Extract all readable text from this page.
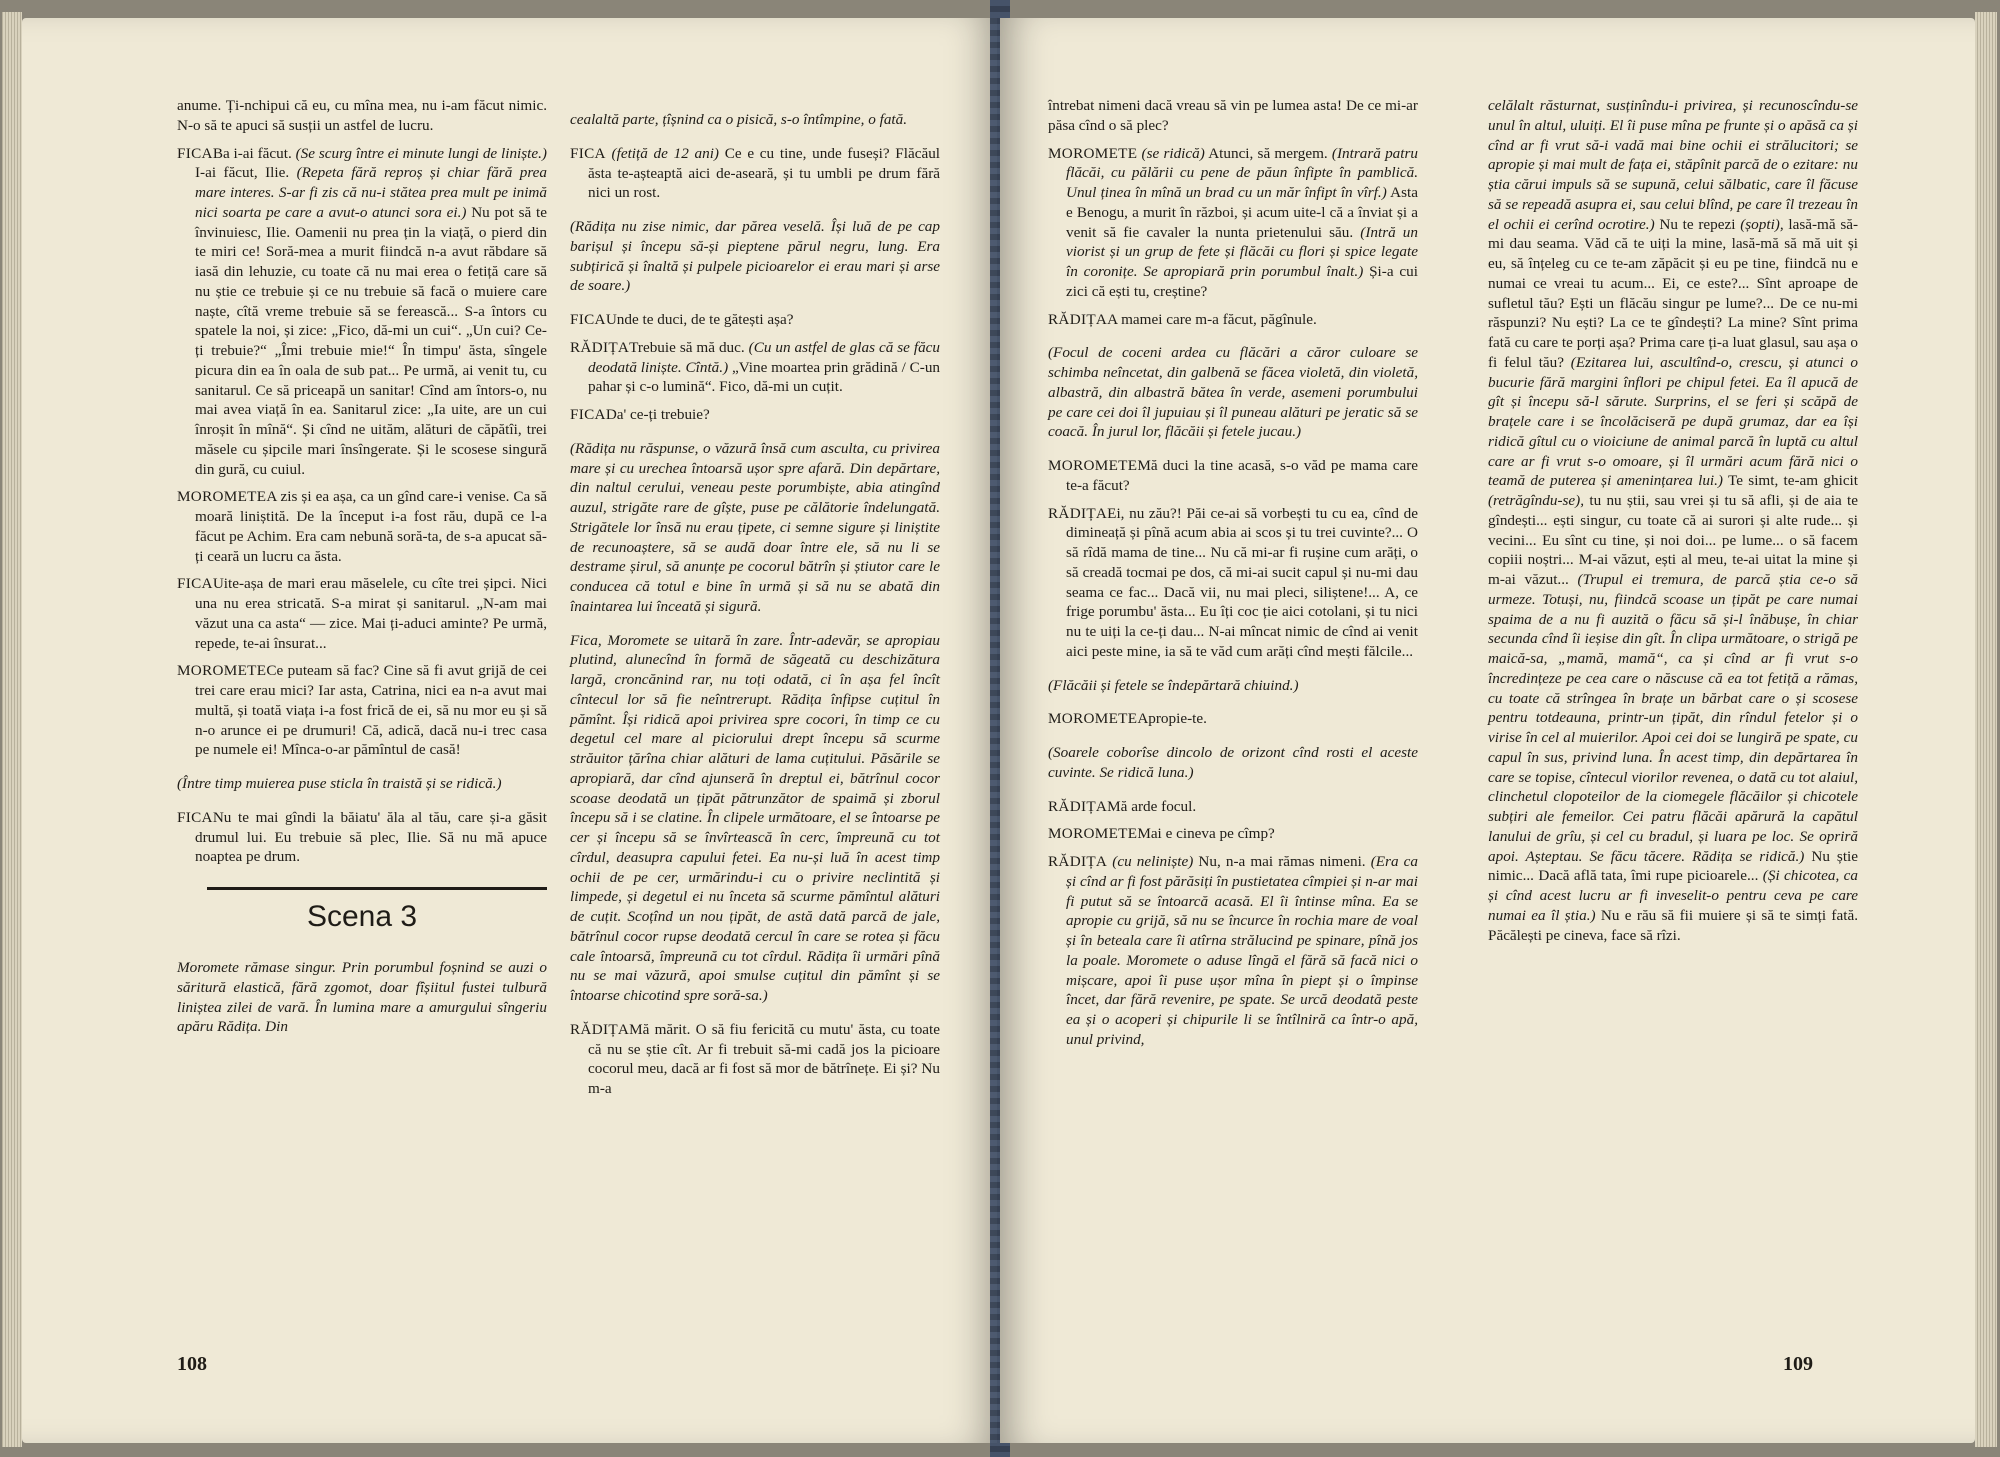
anume. Ți-nchipui că eu, cu mîna mea, nu i-am făcut nimic. N-o să te apuci să susții un astfel de lucru.

FICABa i-ai făcut. (Se scurg între ei minute lungi de liniște.) I-ai făcut, Ilie. (Repeta fără reproș și chiar fără prea mare interes. S-ar fi zis că nu-i stătea prea mult pe inimă nici soarta pe care a avut-o atunci sora ei.) Nu pot să te învinuiesc, Ilie. Oamenii nu prea țin la viață, o pierd din te miri ce! Soră-mea a murit fiindcă n-a avut răbdare să iasă din lehuzie, cu toate că nu mai erea o fetiță care să nu știe ce trebuie și ce nu trebuie să facă o muiere care naște, cîtă vreme trebuie să se ferească... S-a întors cu spatele la noi, și zice: „Fico, dă-mi un cui“. „Un cui? Ce-ți trebuie?“ „Îmi trebuie mie!“ În timpu' ăsta, sîngele picura din ea în oala de sub pat... Pe urmă, ai venit tu, cu sanitarul. Ce să priceapă un sanitar! Cînd am întors-o, nu mai avea viață în ea. Sanitarul zice: „Ia uite, are un cui înroșit în mînă“. Și cînd ne uităm, alături de căpătîi, trei măsele cu șipcile mari însîngerate. Și le scosese singură din gură, cu cuiul.

MOROMETEA zis și ea așa, ca un gînd care-i venise. Ca să moară liniștită. De la început i-a fost rău, după ce l-a făcut pe Achim. Era cam nebună soră-ta, de s-a apucat să-ți ceară un lucru ca ăsta.

FICAUite-așa de mari erau măselele, cu cîte trei șipci. Nici una nu erea stricată. S-a mirat și sanitarul. „N-am mai văzut una ca asta“ — zice. Mai ți-aduci aminte? Pe urmă, repede, te-ai însurat...

MOROMETECe puteam să fac? Cine să fi avut grijă de cei trei care erau mici? Iar asta, Catrina, nici ea n-a avut mai multă, și toată viața i-a fost frică de ei, să nu mor eu și să n-o arunce ei pe drumuri! Că, adică, dacă nu-i trec casa pe numele ei! Mînca-o-ar pămîntul de casă!

(Între timp muierea puse sticla în traistă și se ridică.)

FICANu te mai gîndi la băiatu' ăla al tău, care și-a găsit drumul lui. Eu trebuie să plec, Ilie. Să nu mă apuce noaptea pe drum.

Scena 3

Moromete rămase singur. Prin porumbul foșnind se auzi o săritură elastică, fără zgomot, doar fîșiitul fustei tulbură liniștea zilei de vară. În lumina mare a amurgului sîngeriu apăru Rădița. Din

cealaltă parte, țîșnind ca o pisică, s-o întîmpine, o fată.

FICA (fetiță de 12 ani) Ce e cu tine, unde fuseși? Flăcăul ăsta te-așteaptă aici de-aseară, și tu umbli pe drum fără nici un rost.

(Rădița nu zise nimic, dar părea veselă. Își luă de pe cap barișul și începu să-și pieptene părul negru, lung. Era subțirică și înaltă și pulpele picioarelor ei erau mari și arse de soare.)

FICAUnde te duci, de te gătești așa?

RĂDIȚATrebuie să mă duc. (Cu un astfel de glas că se făcu deodată liniște. Cîntă.) „Vine moartea prin grădină / C-un pahar și c-o lumină“. Fico, dă-mi un cuțit.

FICADa' ce-ți trebuie?

(Rădița nu răspunse, o văzură însă cum asculta, cu privirea mare și cu urechea întoarsă ușor spre afară. Din depărtare, din naltul cerului, veneau peste porumbiște, abia atingînd auzul, strigăte rare de gîște, puse pe călătorie îndelungată. Strigătele lor însă nu erau țipete, ci semne sigure și liniștite de recunoaștere, să se audă doar între ele, să nu li se destrame șirul, să anunțe pe cocorul bătrîn și știutor care le conducea că totul e bine în urmă și să nu se abată din înaintarea lui înceată și sigură.

Fica, Moromete se uitară în zare. Într-adevăr, se apropiau plutind, alunecînd în formă de săgeată cu deschizătura largă, croncănind rar, nu toți odată, ci în așa fel încît cîntecul lor să fie neîntrerupt. Rădița înfipse cuțitul în pămînt. Își ridică apoi privirea spre cocori, în timp ce cu degetul cel mare al piciorului drept începu să scurme străuitor țărîna chiar alături de lama cuțitului. Păsările se apropiară, dar cînd ajunseră în dreptul ei, bătrînul cocor scoase deodată un țipăt pătrunzător de spaimă și zborul începu să i se clatine. În clipele următoare, el se întoarse pe cer și începu să se învîrtească în cerc, împreună cu tot cîrdul, deasupra capului fetei. Ea nu-și luă în acest timp ochii de pe cer, urmărindu-i cu o privire neclintită și limpede, și degetul ei nu înceta să scurme pămîntul alături de cuțit. Scoțînd un nou țipăt, de astă dată parcă de jale, bătrînul cocor rupse deodată cercul în care se rotea și făcu cale întoarsă, împreună cu tot cîrdul. Rădița îi urmări pînă nu se mai văzură, apoi smulse cuțitul din pămînt și se întoarse chicotind spre soră-sa.)

RĂDIȚAMă mărit. O să fiu fericită cu mutu' ăsta, cu toate că nu se știe cît. Ar fi trebuit să-mi cadă jos la picioare cocorul meu, dacă ar fi fost să mor de bătrînețe. Ei și? Nu m-a

108

întrebat nimeni dacă vreau să vin pe lumea asta! De ce mi-ar păsa cînd o să plec?

MOROMETE (se ridică) Atunci, să mergem. (Intrară patru flăcăi, cu pălării cu pene de păun înfipte în pamblică. Unul ținea în mînă un brad cu un măr înfipt în vîrf.) Asta e Benogu, a murit în război, și acum uite-l că a înviat și a venit să fie cavaler la nunta prietenului său. (Intră un viorist și un grup de fete și flăcăi cu flori și spice legate în coronițe. Se apropiară prin porumbul înalt.) Și-a cui zici că ești tu, creștine?

RĂDIȚAA mamei care m-a făcut, păgînule.

(Focul de coceni ardea cu flăcări a căror culoare se schimba neîncetat, din galbenă se făcea violetă, din violetă, albastră, din albastră bătea în verde, asemeni porumbului pe care cei doi îl jupuiau și îl puneau alături pe jeratic să se coacă. În jurul lor, flăcăii și fetele jucau.)

MOROMETEMă duci la tine acasă, s-o văd pe mama care te-a făcut?

RĂDIȚAEi, nu zău?! Păi ce-ai să vorbești tu cu ea, cînd de dimineață și pînă acum abia ai scos și tu trei cuvinte?... O să rîdă mama de tine... Nu că mi-ar fi rușine cum arăți, o să creadă tocmai pe dos, că mi-ai sucit capul și nu-mi dau seama ce fac... Dacă vii, nu mai pleci, siliștene!... A, ce frige porumbu' ăsta... Eu îți coc ție aici cotolani, și tu nici nu te uiți la ce-ți dau... N-ai mîncat nimic de cînd ai venit aici peste mine, ia să te văd cum arăți cînd mești fălcile...

(Flăcăii și fetele se îndepărtară chiuind.)

MOROMETEApropie-te.

(Soarele coborîse dincolo de orizont cînd rosti el aceste cuvinte. Se ridică luna.)

RĂDIȚAMă arde focul.

MOROMETEMai e cineva pe cîmp?

RĂDIȚA (cu neliniște) Nu, n-a mai rămas nimeni. (Era ca și cînd ar fi fost părăsiți în pustietatea cîmpiei și n-ar mai fi putut să se întoarcă acasă. El îi întinse mîna. Ea se apropie cu grijă, să nu se încurce în rochia mare de voal și în beteala care îi atîrna strălucind pe spinare, pînă jos la poale. Moromete o aduse lîngă el fără să facă nici o mișcare, apoi îi puse ușor mîna în piept și o împinse încet, dar fără revenire, pe spate. Se urcă deodată peste ea și o acoperi și chipurile li se întîlniră ca într-o apă, unul privind,

celălalt răsturnat, susținîndu-i privirea, și recunoscîndu-se unul în altul, uluiți. El îi puse mîna pe frunte și o apăsă ca și cînd ar fi vrut să-i vadă mai bine ochii ei strălucitori; se apropie și mai mult de fața ei, stăpînit parcă de o ezitare: nu știa cărui impuls să se supună, celui sălbatic, care îl făcuse să se repeadă asupra ei, sau celui blînd, pe care îl trezeau în el ochii ei cerînd ocrotire.) Nu te repezi (șopti), lasă-mă să-mi dau seama. Văd că te uiți la mine, lasă-mă să mă uit și eu, să înțeleg cu ce te-am zăpăcit și eu pe tine, fiindcă nu e numai ce vreai tu acum... Ei, ce este?... Sînt aproape de sufletul tău? Ești un flăcău singur pe lume?... De ce nu-mi răspunzi? Nu ești? La ce te gîndești? La mine? Sînt prima fată cu care te porți așa? Prima care ți-a luat glasul, sau așa o fi felul tău? (Ezitarea lui, ascultînd-o, crescu, și atunci o bucurie fără margini înflori pe chipul fetei. Ea îl apucă de gît și începu să-l sărute. Surprins, el se feri și scăpă de brațele care i se încolăciseră pe după grumaz, dar ea își ridică gîtul cu o vioiciune de animal parcă în luptă cu altul care ar fi vrut s-o omoare, și îl urmări acum fără nici o teamă de puterea și amenințarea lui.) Te simt, te-am ghicit (retrăgîndu-se), tu nu știi, sau vrei și tu să afli, și de aia te gîndești... ești singur, cu toate că ai surori și alte rude... și vecini... Eu sînt cu tine, și noi doi... pe lume... o să facem copiii noștri... M-ai văzut, ești al meu, te-ai uitat la mine și m-ai văzut... (Trupul ei tremura, de parcă știa ce-o să urmeze. Totuși, nu, fiindcă scoase un țipăt pe care numai spaima de a nu fi auzită o făcu să și-l înăbușe, în chiar secunda cînd îi ieșise din gît. În clipa următoare, o strigă pe maică-sa, „mamă, mamă“, ca și cînd ar fi vrut s-o încredințeze pe cea care o născuse că ea tot fetiță a rămas, cu toate că strîngea în brațe un bărbat care o și scosese pentru totdeauna, printr-un țipăt, din rîndul fetelor și o virise în cel al muierilor. Apoi cei doi se lungiră pe spate, cu capul în sus, privind luna. În acest timp, din depărtarea în care se topise, cîntecul viorilor revenea, o dată cu tot alaiul, clinchetul clopoteilor de la ciomegele flăcăilor și chicotele subțiri ale femeilor. Cei patru flăcăi apărură la capătul lanului de grîu, și cel cu bradul, și luara pe loc. Se opriră apoi. Așteptau. Se făcu tăcere. Rădița se ridică.) Nu știe nimic... Dacă află tata, îmi rupe picioarele... (Și chicotea, ca și cînd acest lucru ar fi inveselit-o pentru ceva pe care numai ea îl știa.) Nu e rău să fii muiere și să te simți fată. Păcălești pe cineva, face să rîzi.

109
